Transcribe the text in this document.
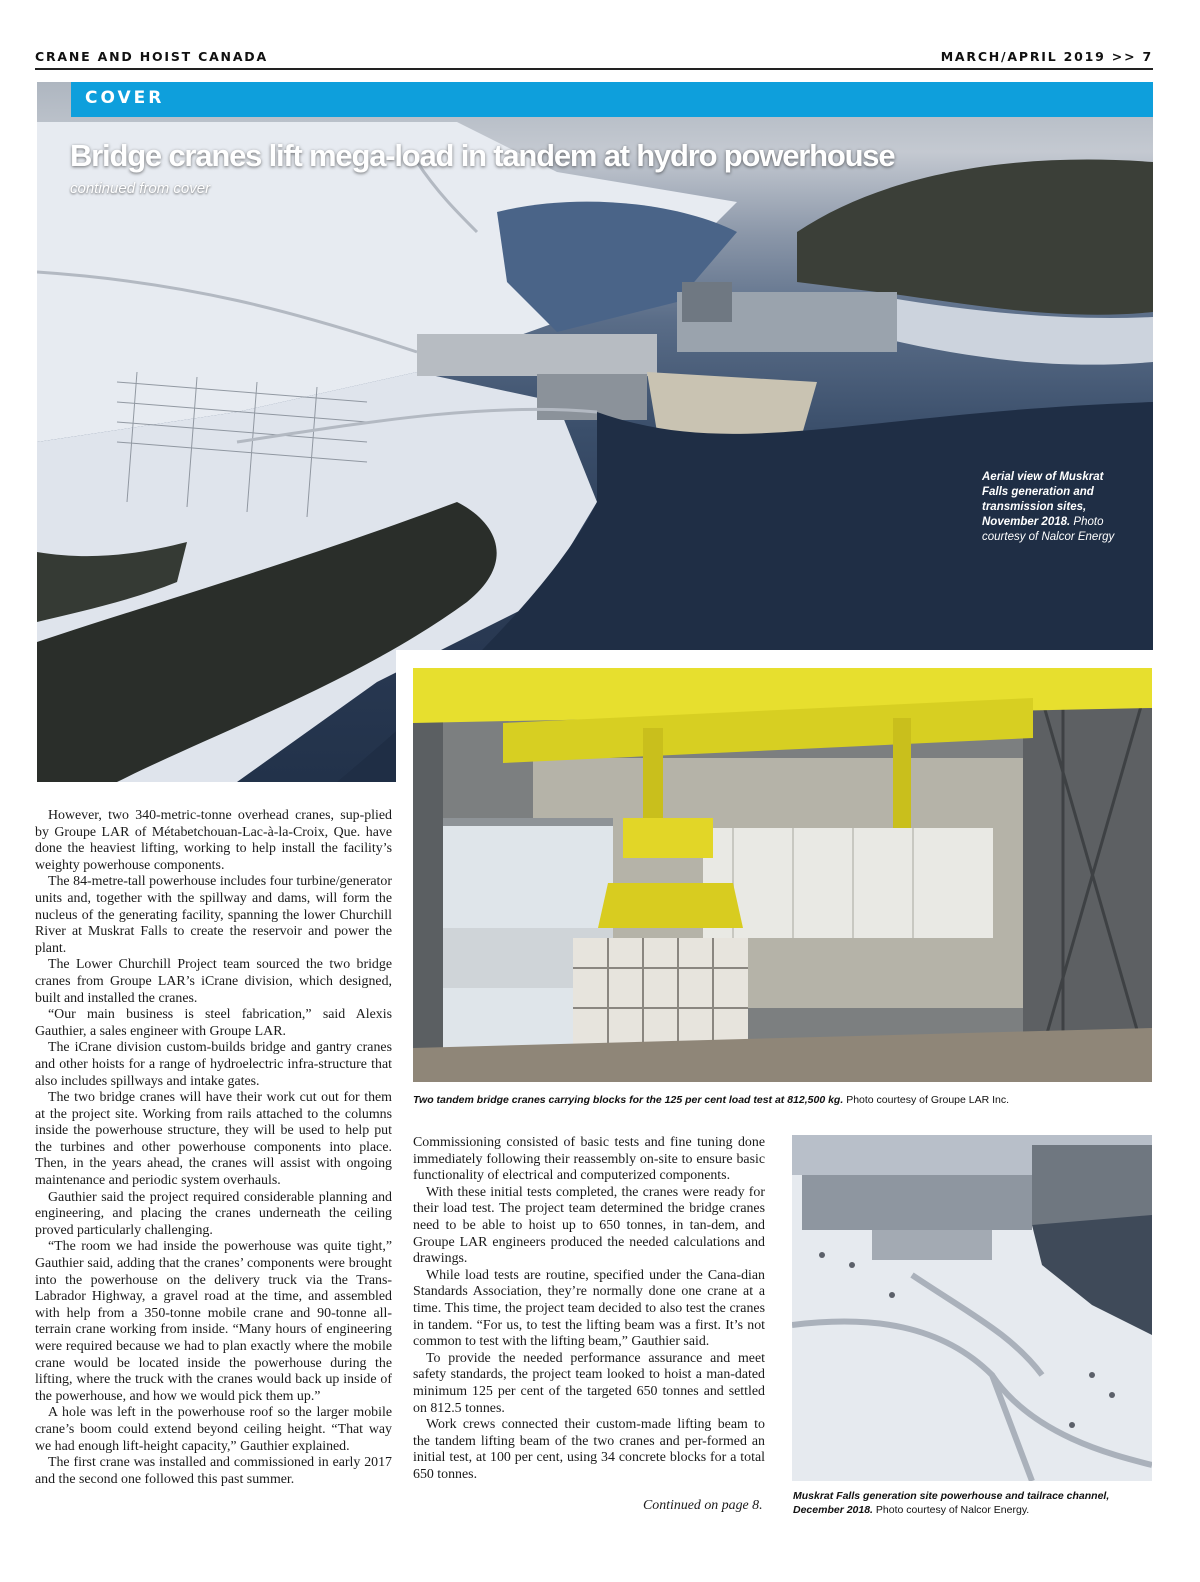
CRANE AND HOIST CANADA	MARCH/APRIL 2019 >> 7
COVER
Bridge cranes lift mega-load in tandem at hydro powerhouse
continued from cover
Aerial view of Muskrat Falls generation and transmission sites, November 2018. Photo courtesy of Nalcor Energy
Two tandem bridge cranes carrying blocks for the 125 per cent load test at 812,500 kg. Photo courtesy of Groupe LAR Inc.
Muskrat Falls generation site powerhouse and tailrace channel, December 2018. Photo courtesy of Nalcor Energy.

However, two 340-metric-tonne overhead cranes, sup-plied by Groupe LAR of Métabetchouan-Lac-à-la-Croix, Que. have done the heaviest lifting, working to help install the facility’s weighty powerhouse components.

The 84-metre-tall powerhouse includes four turbine/generator units and, together with the spillway and dams, will form the nucleus of the generating facility, spanning the lower Churchill River at Muskrat Falls to create the reservoir and power the plant.

The Lower Churchill Project team sourced the two bridge cranes from Groupe LAR’s iCrane division, which designed, built and installed the cranes.

“Our main business is steel fabrication,” said Alexis Gauthier, a sales engineer with Groupe LAR.

The iCrane division custom-builds bridge and gantry cranes and other hoists for a range of hydroelectric infra-structure that also includes spillways and intake gates.

The two bridge cranes will have their work cut out for them at the project site. Working from rails attached to the columns inside the powerhouse structure, they will be used to help put the turbines and other powerhouse components into place. Then, in the years ahead, the cranes will assist with ongoing maintenance and periodic system overhauls.

Gauthier said the project required considerable planning and engineering, and placing the cranes underneath the ceiling proved particularly challenging.

“The room we had inside the powerhouse was quite tight,” Gauthier said, adding that the cranes’ components were brought into the powerhouse on the delivery truck via the Trans-Labrador Highway, a gravel road at the time, and assembled with help from a 350-tonne mobile crane and 90-tonne all-terrain crane working from inside. “Many hours of engineering were required because we had to plan exactly where the mobile crane would be located inside the powerhouse during the lifting, where the truck with the cranes would back up inside of the powerhouse, and how we would pick them up.”

A hole was left in the powerhouse roof so the larger mobile crane’s boom could extend beyond ceiling height. “That way we had enough lift-height capacity,” Gauthier explained.

The first crane was installed and commissioned in early 2017 and the second one followed this past summer.

Commissioning consisted of basic tests and fine tuning done immediately following their reassembly on-site to ensure basic functionality of electrical and computerized components.

With these initial tests completed, the cranes were ready for their load test. The project team determined the bridge cranes need to be able to hoist up to 650 tonnes, in tan-dem, and Groupe LAR engineers produced the needed calculations and drawings.

While load tests are routine, specified under the Cana-dian Standards Association, they’re normally done one crane at a time. This time, the project team decided to also test the cranes in tandem. “For us, to test the lifting beam was a first. It’s not common to test with the lifting beam,” Gauthier said.

To provide the needed performance assurance and meet safety standards, the project team looked to hoist a man-dated minimum 125 per cent of the targeted 650 tonnes and settled on 812.5 tonnes.

Work crews connected their custom-made lifting beam to the tandem lifting beam of the two cranes and per-formed an initial test, at 100 per cent, using 34 concrete blocks for a total 650 tonnes.

Continued on page 8.
